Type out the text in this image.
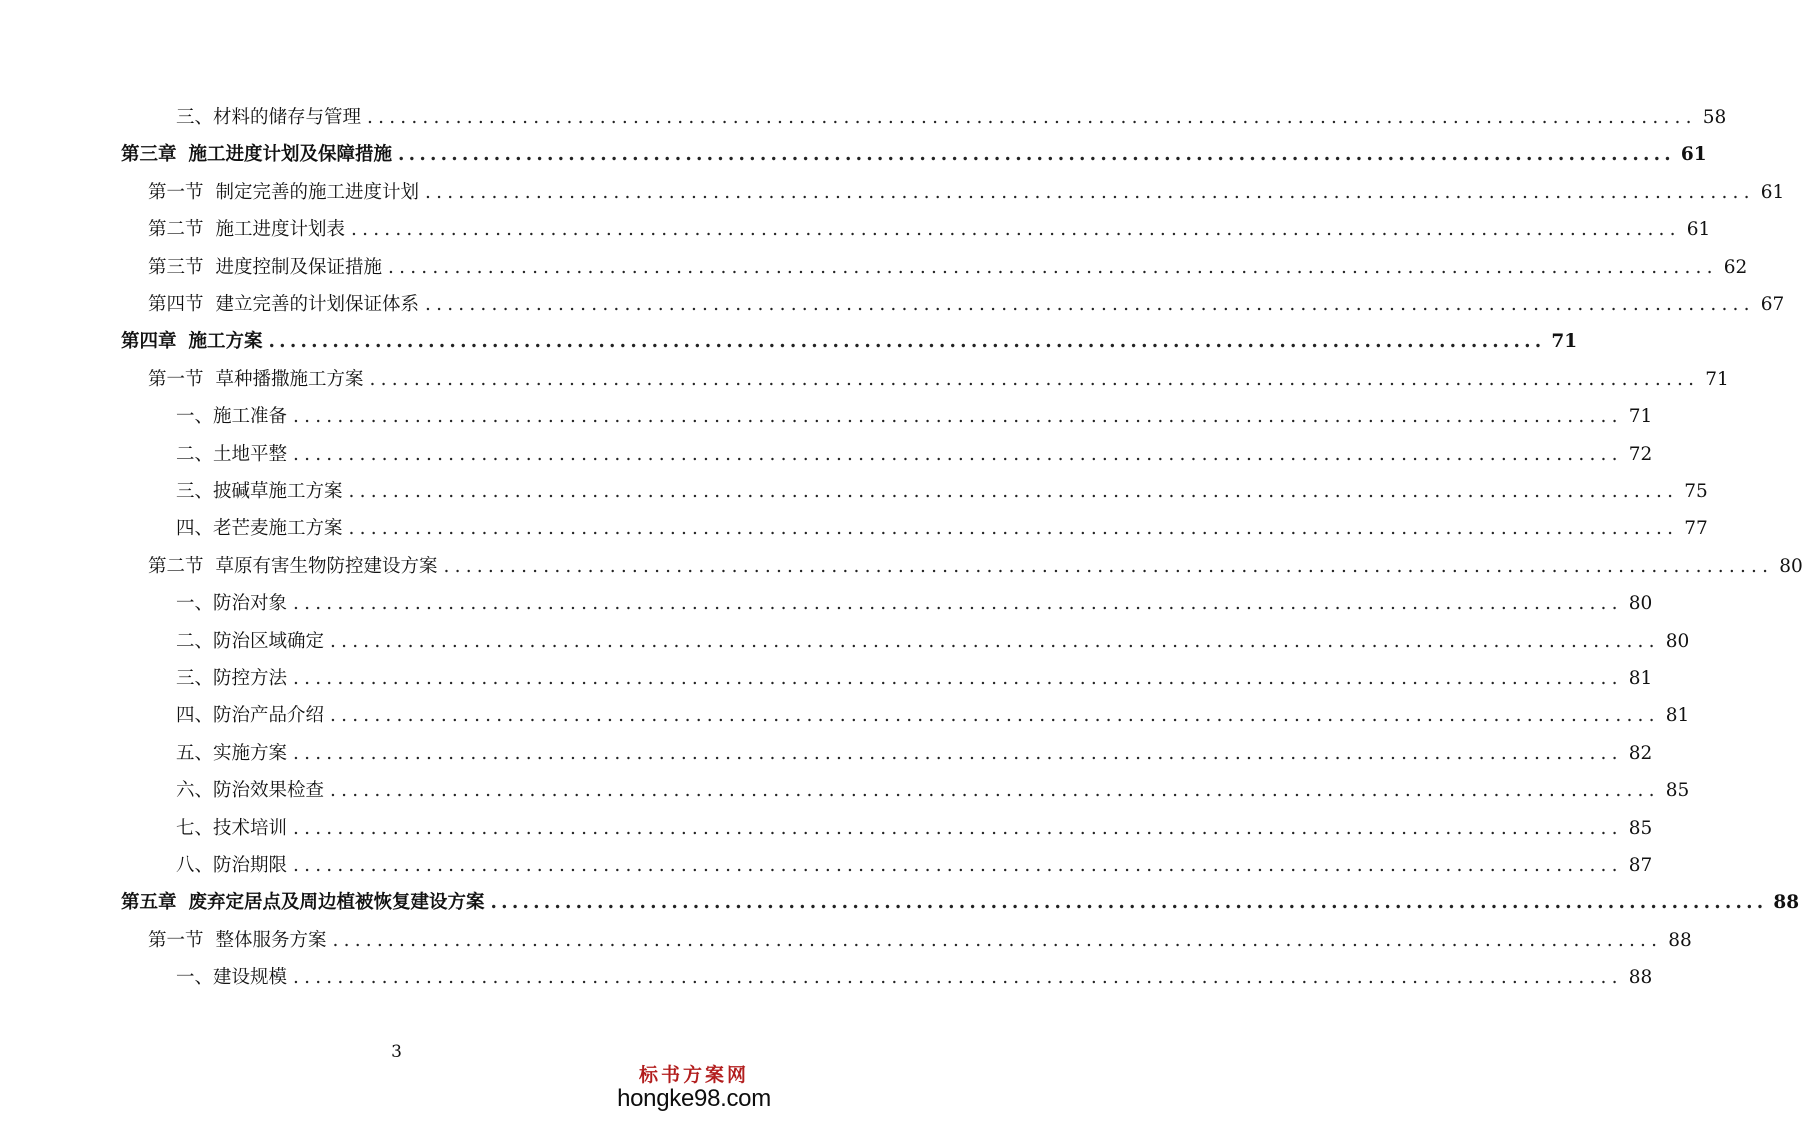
三、材料的储存与管理 ........................................................................................................................ 58
第三章 施工进度计划及保障措施 ........................................................................................................................ 61
第一节 制定完善的施工进度计划 ........................................................................................................................ 61
第二节 施工进度计划表 ........................................................................................................................ 61
第三节 进度控制及保证措施 ........................................................................................................................ 62
第四节 建立完善的计划保证体系 ........................................................................................................................ 67
第四章 施工方案 ........................................................................................................................ 71
第一节 草种播撒施工方案 ........................................................................................................................ 71
一、施工准备 ........................................................................................................................ 71
二、土地平整 ........................................................................................................................ 72
三、披碱草施工方案 ........................................................................................................................ 75
四、老芒麦施工方案 ........................................................................................................................ 77
第二节 草原有害生物防控建设方案 ........................................................................................................................ 80
一、防治对象 ........................................................................................................................ 80
二、防治区域确定 ........................................................................................................................ 80
三、防控方法 ........................................................................................................................ 81
四、防治产品介绍 ........................................................................................................................ 81
五、实施方案 ........................................................................................................................ 82
六、防治效果检查 ........................................................................................................................ 85
七、技术培训 ........................................................................................................................ 85
八、防治期限 ........................................................................................................................ 87
第五章 废弃定居点及周边植被恢复建设方案 ........................................................................................................................ 88
第一节 整体服务方案 ........................................................................................................................ 88
一、建设规模 ........................................................................................................................ 88
3
标书方案网
hongke98.com
